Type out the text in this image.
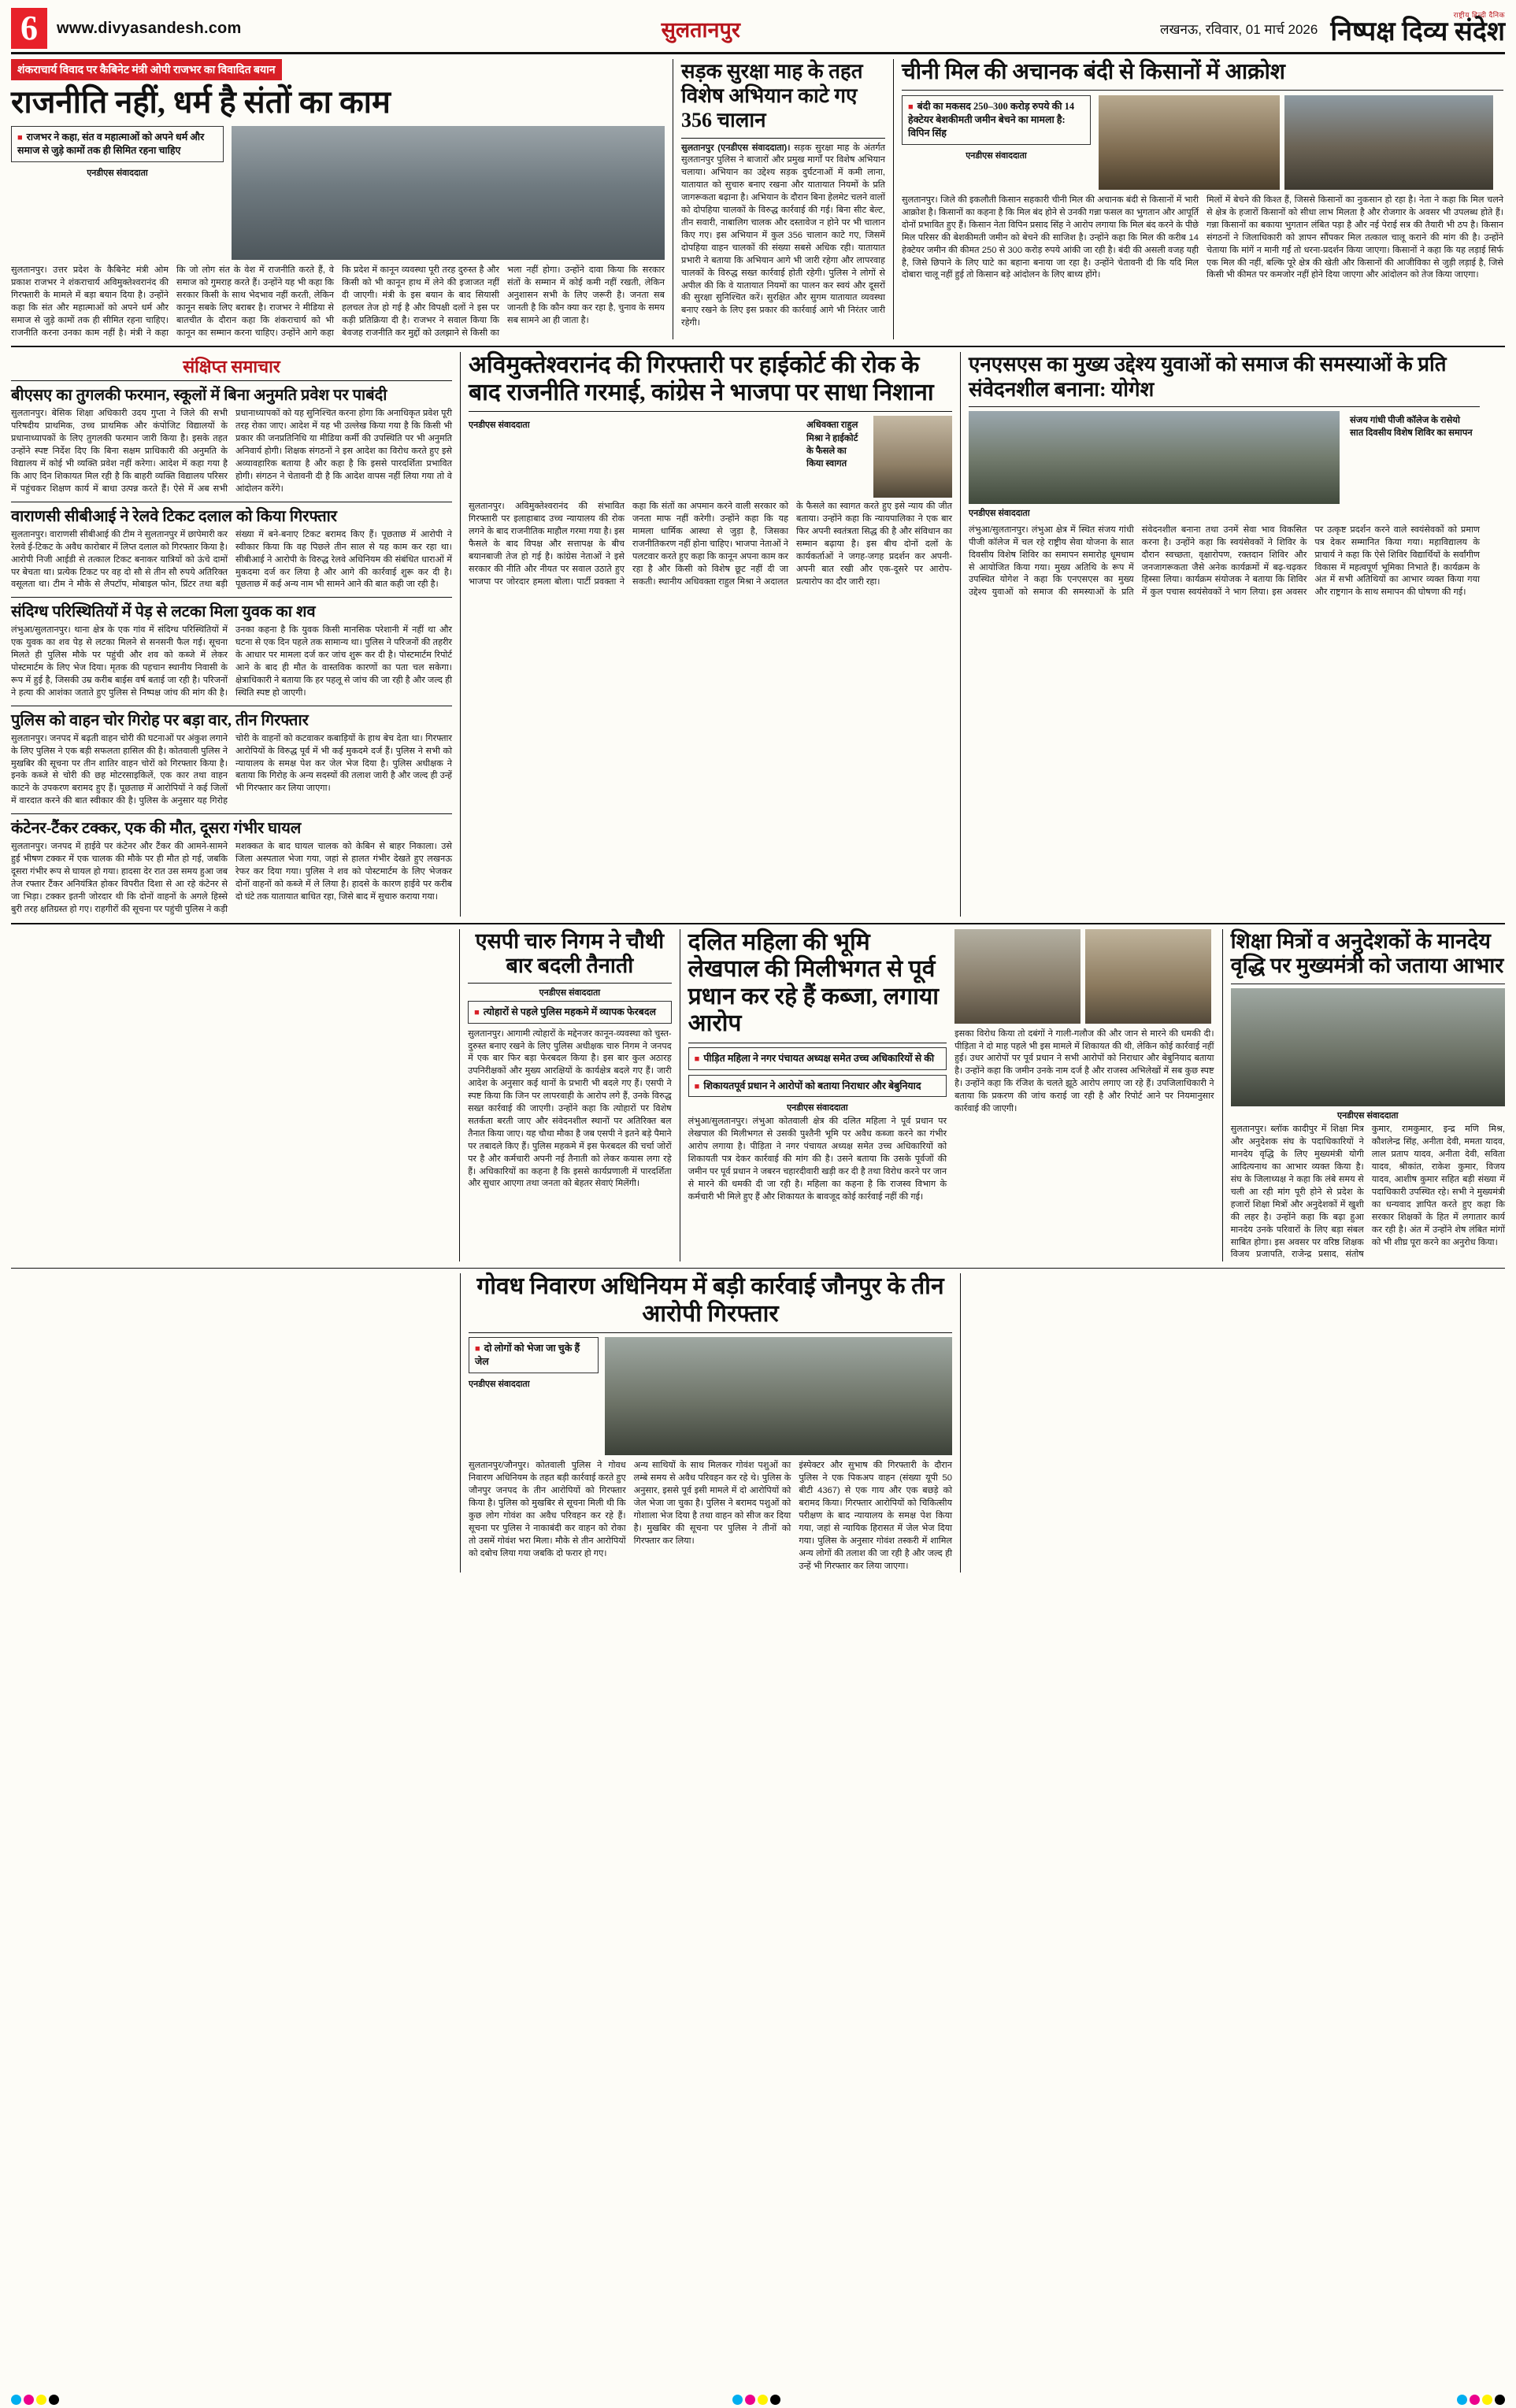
6	www.divyasandesh.com	सुलतानपुर	लखनऊ, रविवार, 01 मार्च 2026
राष्ट्रीय हिन्दी दैनिक
निष्पक्ष दिव्य संदेश
शंकराचार्य विवाद पर कैबिनेट मंत्री ओपी राजभर का विवादित बयान
राजनीति नहीं, धर्म है संतों का काम
■ राजभर ने कहा, संत व महात्माओं को अपने धर्म और समाज से जुड़े कामों तक ही सिमित रहना चाहिए
एनडीएस संवाददाता
सुलतानपुर। उत्तर प्रदेश के कैबिनेट मंत्री ओम प्रकाश राजभर ने शंकराचार्य अविमुक्तेश्वरानंद की गिरफ्तारी के मामले में बड़ा बयान दिया है। उन्होंने कहा कि संत और महात्माओं को अपने धर्म और समाज से जुड़े कामों तक ही सीमित रहना चाहिए। राजनीति करना उनका काम नहीं है। मंत्री ने कहा कि जो लोग संत के वेश में राजनीति करते हैं, वे समाज को गुमराह करते हैं। उन्होंने यह भी कहा कि सरकार किसी के साथ भेदभाव नहीं करती, लेकिन कानून सबके लिए बराबर है। राजभर ने मीडिया से बातचीत के दौरान कहा कि शंकराचार्य को भी कानून का सम्मान करना चाहिए। उन्होंने आगे कहा कि प्रदेश में कानून व्यवस्था पूरी तरह दुरुस्त है और किसी को भी कानून हाथ में लेने की इजाजत नहीं दी जाएगी। मंत्री के इस बयान के बाद सियासी हलचल तेज हो गई है और विपक्षी दलों ने इस पर कड़ी प्रतिक्रिया दी है। राजभर ने सवाल किया कि बेवजह राजनीति कर मुद्दों को उलझाने से किसी का भला नहीं होगा। उन्होंने दावा किया कि सरकार संतों के सम्मान में कोई कमी नहीं रखती, लेकिन अनुशासन सभी के लिए जरूरी है। जनता सब जानती है कि कौन क्या कर रहा है, चुनाव के समय सब सामने आ ही जाता है।
सड़क सुरक्षा माह के तहत विशेष अभियान काटे गए 356 चालान
सुलतानपुर (एनडीएस संवाददाता)। सड़क सुरक्षा माह के अंतर्गत सुलतानपुर पुलिस ने बाजारों और प्रमुख मार्गों पर विशेष अभियान चलाया। अभियान का उद्देश्य सड़क दुर्घटनाओं में कमी लाना, यातायात को सुचारु बनाए रखना और यातायात नियमों के प्रति जागरूकता बढ़ाना है। अभियान के दौरान बिना हेलमेट चलने वालों को दोपहिया चालकों के विरुद्ध कार्रवाई की गई। बिना सीट बेल्ट, तीन सवारी, नाबालिग चालक और दस्तावेज न होने पर भी चालान किए गए। इस अभियान में कुल 356 चालान काटे गए, जिसमें दोपहिया वाहन चालकों की संख्या सबसे अधिक रही। यातायात प्रभारी ने बताया कि अभियान आगे भी जारी रहेगा और लापरवाह चालकों के विरुद्ध सख्त कार्रवाई होती रहेगी। पुलिस ने लोगों से अपील की कि वे यातायात नियमों का पालन कर स्वयं और दूसरों की सुरक्षा सुनिश्चित करें। सुरक्षित और सुगम यातायात व्यवस्था बनाए रखने के लिए इस प्रकार की कार्रवाई आगे भी निरंतर जारी रहेगी।
चीनी मिल की अचानक बंदी से किसानों में आक्रोश
■ बंदी का मकसद 250–300 करोड़ रुपये की 14 हेक्टेयर बेशकीमती जमीन बेचने का मामला है: विपिन सिंह
एनडीएस संवाददाता
सुलतानपुर। जिले की इकलौती किसान सहकारी चीनी मिल की अचानक बंदी से किसानों में भारी आक्रोश है। किसानों का कहना है कि मिल बंद होने से उनकी गन्ना फसल का भुगतान और आपूर्ति दोनों प्रभावित हुए हैं। किसान नेता विपिन प्रसाद सिंह ने आरोप लगाया कि मिल बंद करने के पीछे मिल परिसर की बेशकीमती जमीन को बेचने की साजिश है। उन्होंने कहा कि मिल की करीब 14 हेक्टेयर जमीन की कीमत 250 से 300 करोड़ रुपये आंकी जा रही है। बंदी की असली वजह यही है, जिसे छिपाने के लिए घाटे का बहाना बनाया जा रहा है। उन्होंने चेतावनी दी कि यदि मिल दोबारा चालू नहीं हुई तो किसान बड़े आंदोलन के लिए बाध्य होंगे।
मिलों में बेचने की किश्त हैं, जिससे किसानों का नुकसान हो रहा है। नेता ने कहा कि मिल चलने से क्षेत्र के हजारों किसानों को सीधा लाभ मिलता है और रोजगार के अवसर भी उपलब्ध होते हैं। गन्ना किसानों का बकाया भुगतान लंबित पड़ा है और नई पेराई सत्र की तैयारी भी ठप है। किसान संगठनों ने जिलाधिकारी को ज्ञापन सौंपकर मिल तत्काल चालू कराने की मांग की है। उन्होंने चेताया कि मांगें न मानी गईं तो धरना-प्रदर्शन किया जाएगा। किसानों ने कहा कि यह लड़ाई सिर्फ एक मिल की नहीं, बल्कि पूरे क्षेत्र की खेती और किसानों की आजीविका से जुड़ी लड़ाई है, जिसे किसी भी कीमत पर कमजोर नहीं होने दिया जाएगा और आंदोलन को तेज किया जाएगा।
संक्षिप्त समाचार
बीएसए का तुगलकी फरमान, स्कूलों में बिना अनुमति प्रवेश पर पाबंदी
सुलतानपुर। बेसिक शिक्षा अधिकारी उदय गुप्ता ने जिले की सभी परिषदीय प्राथमिक, उच्च प्राथमिक और कंपोजिट विद्यालयों के प्रधानाध्यापकों के लिए तुगलकी फरमान जारी किया है। इसके तहत उन्होंने स्पष्ट निर्देश दिए कि बिना सक्षम प्राधिकारी की अनुमति के विद्यालय में कोई भी व्यक्ति प्रवेश नहीं करेगा। आदेश में कहा गया है कि आए दिन शिकायत मिल रही है कि बाहरी व्यक्ति विद्यालय परिसर में पहुंचकर शिक्षण कार्य में बाधा उत्पन्न करते हैं। ऐसे में अब सभी प्रधानाध्यापकों को यह सुनिश्चित करना होगा कि अनाधिकृत प्रवेश पूरी तरह रोका जाए। आदेश में यह भी उल्लेख किया गया है कि किसी भी प्रकार की जनप्रतिनिधि या मीडिया कर्मी की उपस्थिति पर भी अनुमति अनिवार्य होगी। शिक्षक संगठनों ने इस आदेश का विरोध करते हुए इसे अव्यावहारिक बताया है और कहा है कि इससे पारदर्शिता प्रभावित होगी। संगठन ने चेतावनी दी है कि आदेश वापस नहीं लिया गया तो वे आंदोलन करेंगे।
वाराणसी सीबीआई ने रेलवे टिकट दलाल को किया गिरफ्तार
सुलतानपुर। वाराणसी सीबीआई की टीम ने सुलतानपुर में छापेमारी कर रेलवे ई-टिकट के अवैध कारोबार में लिप्त दलाल को गिरफ्तार किया है। आरोपी निजी आईडी से तत्काल टिकट बनाकर यात्रियों को ऊंचे दामों पर बेचता था। प्रत्येक टिकट पर वह दो सौ से तीन सौ रुपये अतिरिक्त वसूलता था। टीम ने मौके से लैपटॉप, मोबाइल फोन, प्रिंटर तथा बड़ी संख्या में बने-बनाए टिकट बरामद किए हैं। पूछताछ में आरोपी ने स्वीकार किया कि वह पिछले तीन साल से यह काम कर रहा था। सीबीआई ने आरोपी के विरुद्ध रेलवे अधिनियम की संबंधित धाराओं में मुकदमा दर्ज कर लिया है और आगे की कार्रवाई शुरू कर दी है। पूछताछ में कई अन्य नाम भी सामने आने की बात कही जा रही है।
संदिग्ध परिस्थितियों में पेड़ से लटका मिला युवक का शव
लंभुआ/सुलतानपुर। थाना क्षेत्र के एक गांव में संदिग्ध परिस्थितियों में एक युवक का शव पेड़ से लटका मिलने से सनसनी फैल गई। सूचना मिलते ही पुलिस मौके पर पहुंची और शव को कब्जे में लेकर पोस्टमार्टम के लिए भेज दिया। मृतक की पहचान स्थानीय निवासी के रूप में हुई है, जिसकी उम्र करीब बाईस वर्ष बताई जा रही है। परिजनों ने हत्या की आशंका जताते हुए पुलिस से निष्पक्ष जांच की मांग की है। उनका कहना है कि युवक किसी मानसिक परेशानी में नहीं था और घटना से एक दिन पहले तक सामान्य था। पुलिस ने परिजनों की तहरीर के आधार पर मामला दर्ज कर जांच शुरू कर दी है। पोस्टमार्टम रिपोर्ट आने के बाद ही मौत के वास्तविक कारणों का पता चल सकेगा। क्षेत्राधिकारी ने बताया कि हर पहलू से जांच की जा रही है और जल्द ही स्थिति स्पष्ट हो जाएगी।
पुलिस को वाहन चोर गिरोह पर बड़ा वार, तीन गिरफ्तार
सुलतानपुर। जनपद में बढ़ती वाहन चोरी की घटनाओं पर अंकुश लगाने के लिए पुलिस ने एक बड़ी सफलता हासिल की है। कोतवाली पुलिस ने मुखबिर की सूचना पर तीन शातिर वाहन चोरों को गिरफ्तार किया है। इनके कब्जे से चोरी की छह मोटरसाइकिलें, एक कार तथा वाहन काटने के उपकरण बरामद हुए हैं। पूछताछ में आरोपियों ने कई जिलों में वारदात करने की बात स्वीकार की है। पुलिस के अनुसार यह गिरोह चोरी के वाहनों को कटवाकर कबाड़ियों के हाथ बेच देता था। गिरफ्तार आरोपियों के विरुद्ध पूर्व में भी कई मुकदमे दर्ज हैं। पुलिस ने सभी को न्यायालय के समक्ष पेश कर जेल भेज दिया है। पुलिस अधीक्षक ने बताया कि गिरोह के अन्य सदस्यों की तलाश जारी है और जल्द ही उन्हें भी गिरफ्तार कर लिया जाएगा।
कंटेनर-टैंकर टक्कर, एक की मौत, दूसरा गंभीर घायल
सुलतानपुर। जनपद में हाईवे पर कंटेनर और टैंकर की आमने-सामने हुई भीषण टक्कर में एक चालक की मौके पर ही मौत हो गई, जबकि दूसरा गंभीर रूप से घायल हो गया। हादसा देर रात उस समय हुआ जब तेज रफ्तार टैंकर अनियंत्रित होकर विपरीत दिशा से आ रहे कंटेनर से जा भिड़ा। टक्कर इतनी जोरदार थी कि दोनों वाहनों के अगले हिस्से बुरी तरह क्षतिग्रस्त हो गए। राहगीरों की सूचना पर पहुंची पुलिस ने कड़ी मशक्कत के बाद घायल चालक को केबिन से बाहर निकाला। उसे जिला अस्पताल भेजा गया, जहां से हालत गंभीर देखते हुए लखनऊ रेफर कर दिया गया। पुलिस ने शव को पोस्टमार्टम के लिए भेजकर दोनों वाहनों को कब्जे में ले लिया है। हादसे के कारण हाईवे पर करीब दो घंटे तक यातायात बाधित रहा, जिसे बाद में सुचारु कराया गया।
अविमुक्तेश्वरानंद की गिरफ्तारी पर हाईकोर्ट की रोक के बाद राजनीति गरमाई, कांग्रेस ने भाजपा पर साधा निशाना
एनडीएस संवाददाता	अधिवक्ता राहुल मिश्रा ने हाईकोर्ट के फैसले का किया स्वागत
सुलतानपुर। अविमुक्तेश्वरानंद की संभावित गिरफ्तारी पर इलाहाबाद उच्च न्यायालय की रोक लगने के बाद राजनीतिक माहौल गरमा गया है। इस फैसले के बाद विपक्ष और सत्तापक्ष के बीच बयानबाजी तेज हो गई है। कांग्रेस नेताओं ने इसे सरकार की नीति और नीयत पर सवाल उठाते हुए भाजपा पर जोरदार हमला बोला। पार्टी प्रवक्ता ने कहा कि संतों का अपमान करने वाली सरकार को जनता माफ नहीं करेगी। उन्होंने कहा कि यह मामला धार्मिक आस्था से जुड़ा है, जिसका राजनीतिकरण नहीं होना चाहिए। भाजपा नेताओं ने पलटवार करते हुए कहा कि कानून अपना काम कर रहा है और किसी को विशेष छूट नहीं दी जा सकती। स्थानीय अधिवक्ता राहुल मिश्रा ने अदालत के फैसले का स्वागत करते हुए इसे न्याय की जीत बताया। उन्होंने कहा कि न्यायपालिका ने एक बार फिर अपनी स्वतंत्रता सिद्ध की है और संविधान का सम्मान बढ़ाया है। इस बीच दोनों दलों के कार्यकर्ताओं ने जगह-जगह प्रदर्शन कर अपनी-अपनी बात रखी और एक-दूसरे पर आरोप-प्रत्यारोप का दौर जारी रहा।
एनएसएस का मुख्य उद्देश्य युवाओं को समाज की समस्याओं के प्रति संवेदनशील बनाना: योगेश
एनडीएस संवाददाता
संजय गांधी पीजी कॉलेज के रासेयो सात दिवसीय विशेष शिविर का समापन
लंभुआ/सुलतानपुर। लंभुआ क्षेत्र में स्थित संजय गांधी पीजी कॉलेज में चल रहे राष्ट्रीय सेवा योजना के सात दिवसीय विशेष शिविर का समापन समारोह धूमधाम से आयोजित किया गया। मुख्य अतिथि के रूप में उपस्थित योगेश ने कहा कि एनएसएस का मुख्य उद्देश्य युवाओं को समाज की समस्याओं के प्रति संवेदनशील बनाना तथा उनमें सेवा भाव विकसित करना है। उन्होंने कहा कि स्वयंसेवकों ने शिविर के दौरान स्वच्छता, वृक्षारोपण, रक्तदान शिविर और जनजागरूकता जैसे अनेक कार्यक्रमों में बढ़-चढ़कर हिस्सा लिया। कार्यक्रम संयोजक ने बताया कि शिविर में कुल पचास स्वयंसेवकों ने भाग लिया। इस अवसर पर उत्कृष्ट प्रदर्शन करने वाले स्वयंसेवकों को प्रमाण पत्र देकर सम्मानित किया गया। महाविद्यालय के प्राचार्य ने कहा कि ऐसे शिविर विद्यार्थियों के सर्वांगीण विकास में महत्वपूर्ण भूमिका निभाते हैं। कार्यक्रम के अंत में सभी अतिथियों का आभार व्यक्त किया गया और राष्ट्रगान के साथ समापन की घोषणा की गई।
एसपी चारु निगम ने चौथी बार बदली तैनाती
एनडीएस संवाददाता
■ त्योहारों से पहले पुलिस महकमे में व्यापक फेरबदल
सुलतानपुर। आगामी त्योहारों के मद्देनजर कानून-व्यवस्था को चुस्त-दुरुस्त बनाए रखने के लिए पुलिस अधीक्षक चारु निगम ने जनपद में एक बार फिर बड़ा फेरबदल किया है। इस बार कुल अठारह उपनिरीक्षकों और मुख्य आरक्षियों के कार्यक्षेत्र बदले गए हैं। जारी आदेश के अनुसार कई थानों के प्रभारी भी बदले गए हैं। एसपी ने स्पष्ट किया कि जिन पर लापरवाही के आरोप लगे हैं, उनके विरुद्ध सख्त कार्रवाई की जाएगी। उन्होंने कहा कि त्योहारों पर विशेष सतर्कता बरती जाए और संवेदनशील स्थानों पर अतिरिक्त बल तैनात किया जाए। यह चौथा मौका है जब एसपी ने इतने बड़े पैमाने पर तबादले किए हैं। पुलिस महकमे में इस फेरबदल की चर्चा जोरों पर है और कर्मचारी अपनी नई तैनाती को लेकर कयास लगा रहे हैं। अधिकारियों का कहना है कि इससे कार्यप्रणाली में पारदर्शिता और सुधार आएगा तथा जनता को बेहतर सेवाएं मिलेंगी।
दलित महिला की भूमि लेखपाल की मिलीभगत से पूर्व प्रधान कर रहे हैं कब्जा, लगाया आरोप
■ पीड़ित महिला ने नगर पंचायत अध्यक्ष समेत उच्च अधिकारियों से की
■ शिकायतपूर्व प्रधान ने आरोपों को बताया निराधार और बेबुनियाद
एनडीएस संवाददाता
लंभुआ/सुलतानपुर। लंभुआ कोतवाली क्षेत्र की दलित महिला ने पूर्व प्रधान पर लेखपाल की मिलीभगत से उसकी पुश्तैनी भूमि पर अवैध कब्जा करने का गंभीर आरोप लगाया है। पीड़िता ने नगर पंचायत अध्यक्ष समेत उच्च अधिकारियों को शिकायती पत्र देकर कार्रवाई की मांग की है। उसने बताया कि उसके पूर्वजों की जमीन पर पूर्व प्रधान ने जबरन चहारदीवारी खड़ी कर दी है तथा विरोध करने पर जान से मारने की धमकी दी जा रही है। महिला का कहना है कि राजस्व विभाग के कर्मचारी भी मिले हुए हैं और शिकायत के बावजूद कोई कार्रवाई नहीं की गई।
इसका विरोध किया तो दबंगों ने गाली-गलौज की और जान से मारने की धमकी दी। पीड़िता ने दो माह पहले भी इस मामले में शिकायत की थी, लेकिन कोई कार्रवाई नहीं हुई। उधर आरोपों पर पूर्व प्रधान ने सभी आरोपों को निराधार और बेबुनियाद बताया है। उन्होंने कहा कि जमीन उनके नाम दर्ज है और राजस्व अभिलेखों में सब कुछ स्पष्ट है। उन्होंने कहा कि रंजिश के चलते झूठे आरोप लगाए जा रहे हैं। उपजिलाधिकारी ने बताया कि प्रकरण की जांच कराई जा रही है और रिपोर्ट आने पर नियमानुसार कार्रवाई की जाएगी।
शिक्षा मित्रों व अनुदेशकों के मानदेय वृद्धि पर मुख्यमंत्री को जताया आभार
एनडीएस संवाददाता
सुलतानपुर। ब्लॉक कादीपुर में शिक्षा मित्र और अनुदेशक संघ के पदाधिकारियों ने मानदेय वृद्धि के लिए मुख्यमंत्री योगी आदित्यनाथ का आभार व्यक्त किया है। संघ के जिलाध्यक्ष ने कहा कि लंबे समय से चली आ रही मांग पूरी होने से प्रदेश के हजारों शिक्षा मित्रों और अनुदेशकों में खुशी की लहर है। उन्होंने कहा कि बढ़ा हुआ मानदेय उनके परिवारों के लिए बड़ा संबल साबित होगा। इस अवसर पर वरिष्ठ शिक्षक विजय प्रजापति, राजेन्द्र प्रसाद, संतोष कुमार, रामकुमार, इन्द्र मणि मिश्र, कौशलेन्द्र सिंह, अनीता देवी, ममता यादव, लाल प्रताप यादव, अनीता देवी, सविता यादव, श्रीकांत, राकेश कुमार, विजय यादव, आशीष कुमार सहित बड़ी संख्या में पदाधिकारी उपस्थित रहे। सभी ने मुख्यमंत्री का धन्यवाद ज्ञापित करते हुए कहा कि सरकार शिक्षकों के हित में लगातार कार्य कर रही है। अंत में उन्होंने शेष लंबित मांगों को भी शीघ्र पूरा करने का अनुरोध किया।
गोवध निवारण अधिनियम में बड़ी कार्रवाई जौनपुर के तीन आरोपी गिरफ्तार
■ दो लोगों को भेजा जा चुके हैं जेल
एनडीएस संवाददाता
सुलतानपुर/जौनपुर। कोतवाली पुलिस ने गोवध निवारण अधिनियम के तहत बड़ी कार्रवाई करते हुए जौनपुर जनपद के तीन आरोपियों को गिरफ्तार किया है। पुलिस को मुखबिर से सूचना मिली थी कि कुछ लोग गोवंश का अवैध परिवहन कर रहे हैं। सूचना पर पुलिस ने नाकाबंदी कर वाहन को रोका तो उसमें गोवंश भरा मिला। मौके से तीन आरोपियों को दबोच लिया गया जबकि दो फरार हो गए।
अन्य साथियों के साथ मिलकर गोवंश पशुओं का लम्बे समय से अवैध परिवहन कर रहे थे। पुलिस के अनुसार, इससे पूर्व इसी मामले में दो आरोपियों को जेल भेजा जा चुका है। पुलिस ने बरामद पशुओं को गोशाला भेज दिया है तथा वाहन को सीज कर दिया है। मुखबिर की सूचना पर पुलिस ने तीनों को गिरफ्तार कर लिया।
इंस्पेक्टर और सुभाष की गिरफ्तारी के दौरान पुलिस ने एक पिकअप वाहन (संख्या यूपी 50 बीटी 4367) से एक गाय और एक बछड़े को बरामद किया। गिरफ्तार आरोपियों को चिकित्सीय परीक्षण के बाद न्यायालय के समक्ष पेश किया गया, जहां से न्यायिक हिरासत में जेल भेज दिया गया। पुलिस के अनुसार गोवंश तस्करी में शामिल अन्य लोगों की तलाश की जा रही है और जल्द ही उन्हें भी गिरफ्तार कर लिया जाएगा।
